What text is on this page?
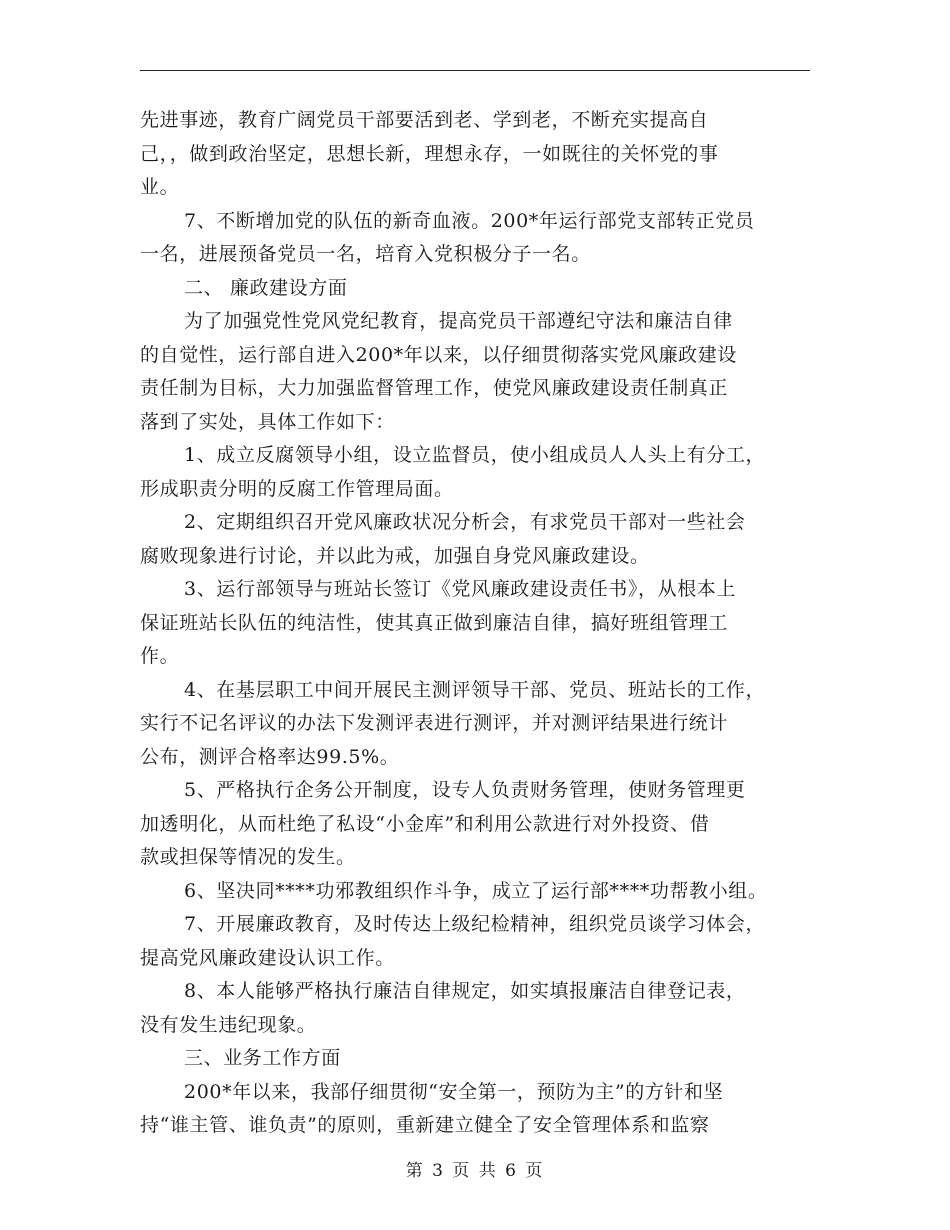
先进事迹，教育广阔党员干部要活到老、学到老，不断充实提高自
己，，做到政治坚定，思想长新，理想永存，一如既往的关怀党的事
业。
7、不断增加党的队伍的新奇血液。200*年运行部党支部转正党员
一名，进展预备党员一名，培育入党积极分子一名。
二、 廉政建设方面
为了加强党性党风党纪教育，提高党员干部遵纪守法和廉洁自律
的自觉性，运行部自进入200*年以来，以仔细贯彻落实党风廉政建设
责任制为目标，大力加强监督管理工作，使党风廉政建设责任制真正
落到了实处，具体工作如下：
1、成立反腐领导小组，设立监督员，使小组成员人人头上有分工，
形成职责分明的反腐工作管理局面。
2、定期组织召开党风廉政状况分析会，有求党员干部对一些社会
腐败现象进行讨论，并以此为戒，加强自身党风廉政建设。
3、运行部领导与班站长签订《党风廉政建设责任书》，从根本上
保证班站长队伍的纯洁性，使其真正做到廉洁自律，搞好班组管理工
作。
4、在基层职工中间开展民主测评领导干部、党员、班站长的工作，
实行不记名评议的办法下发测评表进行测评，并对测评结果进行统计
公布，测评合格率达99.5%。
5、严格执行企务公开制度，设专人负责财务管理，使财务管理更
加透明化，从而杜绝了私设“小金库”和利用公款进行对外投资、借
款或担保等情况的发生。
6、坚决同****功邪教组织作斗争，成立了运行部****功帮教小组。
7、开展廉政教育，及时传达上级纪检精神，组织党员谈学习体会，
提高党风廉政建设认识工作。
8、本人能够严格执行廉洁自律规定，如实填报廉洁自律登记表，
没有发生违纪现象。
三、业务工作方面
200*年以来，我部仔细贯彻“安全第一，预防为主”的方针和坚
持“谁主管、谁负责”的原则，重新建立健全了安全管理体系和监察
第 3 页 共 6 页
